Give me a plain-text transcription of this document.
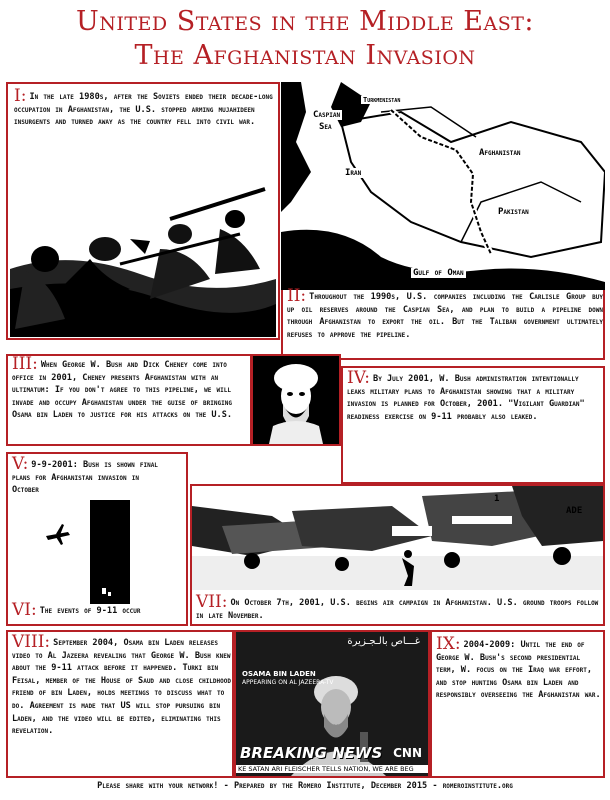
United States in the Middle East:
The Afghanistan Invasion
I: In the late 1980s, after the Soviets ended their decade-long occupation in Afghanistan, the U.S. stopped arming mujahideen insurgents and turned away as the country fell into civil war.
Turkmenistan
Caspian
Sea
Iran
Afghanistan
Pakistan
Gulf of Oman
II: Throughout the 1990s, U.S. companies including the Carlisle Group buy up oil reserves around the Caspian Sea, and plan to build a pipeline down through Afghanistan to export the oil. But the Taliban government ultimately refuses to approve the pipeline.
III: When George W. Bush and Dick Cheney come into office in 2001, Cheney presents Afghanistan with an ultimatum: If you don't agree to this pipeline, we will invade and occupy Afghanistan under the guise of bringing Osama bin Laden to justice for his attacks on the U.S.
IV: By July 2001, W. Bush administration intentionally leaks military plans to Afghanistan showing that a military invasion is planned for October, 2001. "Vigilant Guardian" readiness exercise on 9-11 probably also leaked.
V: 9-9-2001: Bush is shown final plans for Afghanistan invasion in October
VI: The events of 9-11 occur
1
ADE
VII: On October 7th, 2001, U.S. begins air campaign in Afghanistan. U.S. ground troops follow in late November.
VIII: September 2004, Osama bin Laden releases video to Al Jazeera revealing that George W. Bush knew about the 9-11 attack before it happened. Turki bin Feisal, member of the House of Saud and close childhood friend of bin Laden, holds meetings to discuss what to do. Agreement is made that US will stop pursuing bin Laden, and the video will be edited, eliminating this revelation.
غـــاص بالـجـزيرة
OSAMA BIN LADEN
APPEARING ON AL JAZEERA-TV
BREAKING NEWS CNN
KE SATAN ARI FLEISCHER TELLS NATION, WE ARE BEG
IX: 2004-2009: Until the end of George W. Bush's second presidential term, W. focus on the Iraq war effort, and stop hunting Osama bin Laden and responsibly overseeing the Afghanistan war.
Please share with your network! - Prepared by the Romero Institute, December 2015 - romeroinstitute.org
